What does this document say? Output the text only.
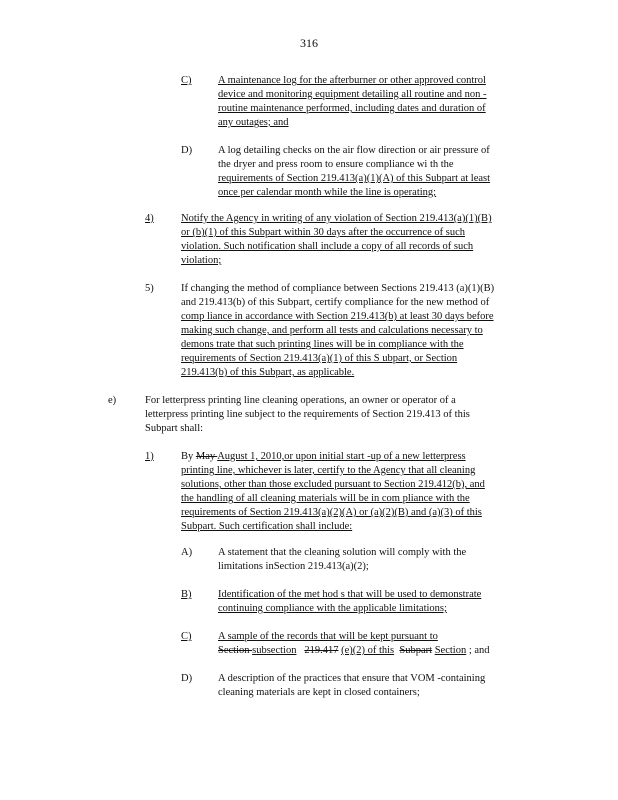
316
C)	A maintenance log for the afterburner or other approved control
device and monitoring equipment detailing all routine and non -
routine maintenance performed, including dates and duration of
any outages; and
D) A log detailing checks on the air flow direction or air pressure of
the dryer and press room to ensure compliance wi th the
requirements of Section 219.413(a)(1)(A) of this Subpart at least
once per calendar month while the line is operating;
4)	Notify the Agency in writing of any violation of Section 219.413(a)(1)(B)
or (b)(1) of this Subpart within 30 days after the occurrence of such
violation. Such notification shall include a copy of all records of such
violation;
5)	If changing the method of compliance between Sections 219.413 (a)(1)(B)
and 219.413(b) of this Subpart, certify compliance for the new method of
comp liance in accordance with Section 219.413(b) at least 30 days before
making such change, and perform all tests and calculations necessary to
demons trate that such printing lines will be in compliance with the
requirements of Section 219.413(a)(1) of this S ubpart, or Section
219.413(b) of this Subpart, as applicable.
e)	For letterpress printing line cleaning operations, an owner or operator of a
letterpress printing line subject to the requirements of Section 219.413 of this
Subpart shall:
1)	By May August 1, 2010,or upon initial start -up of a new letterpress
printing line, whichever is later, certify to the Agency that all cleaning
solutions, other than those excluded pursuant to Section 219.412(b), and
the handling of all cleaning materials will be in com pliance with the
requirements of Section 219.413(a)(2)(A) or (a)(2)(B) and (a)(3) of this
Subpart. Such certification shall include:
A) A statement that the cleaning solution will comply with the
limitations inSection 219.413(a)(2);
B)	Identification of the met hod s that will be used to demonstrate
continuing compliance with the applicable limitations;
C)	A sample of the records that will be kept pursuant to
Section subsection 219.417 (e)(2) of this Subpart Section ; and
D) A description of the practices that ensure that VOM -containing
cleaning materials are kept in closed containers;
